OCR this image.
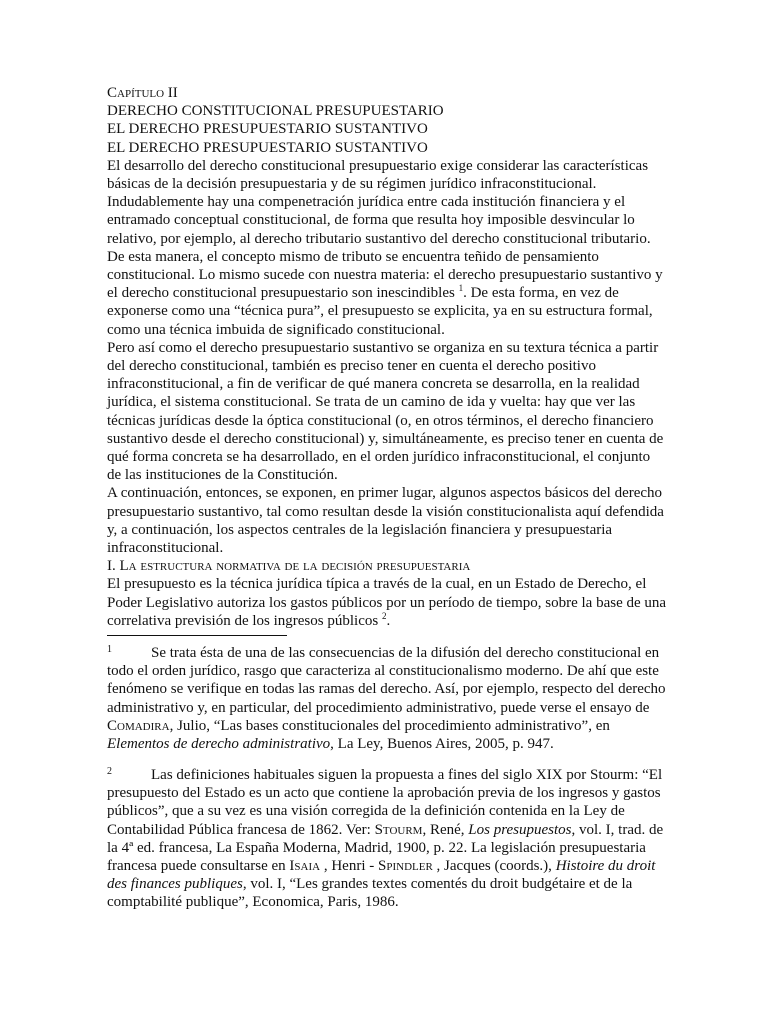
Capítulo II
DERECHO CONSTITUCIONAL PRESUPUESTARIO
EL DERECHO PRESUPUESTARIO SUSTANTIVO
EL DERECHO PRESUPUESTARIO SUSTANTIVO

El desarrollo del derecho constitucional presupuestario exige considerar las características básicas de la decisión presupuestaria y de su régimen jurídico infraconstitucional. Indudablemente hay una compenetración jurídica entre cada institución financiera y el entramado conceptual constitucional, de forma que resulta hoy imposible desvincular lo relativo, por ejemplo, al derecho tributario sustantivo del derecho constitucional tributario. De esta manera, el concepto mismo de tributo se encuentra teñido de pensamiento constitucional. Lo mismo sucede con nuestra materia: el derecho presupuestario sustantivo y el derecho constitucional presupuestario son inescindibles $^1$. De esta forma, en vez de exponerse como una “técnica pura”, el presupuesto se explicita, ya en su estructura formal, como una técnica imbuida de significado constitucional.

Pero así como el derecho presupuestario sustantivo se organiza en su textura técnica a partir del derecho constitucional, también es preciso tener en cuenta el derecho positivo infraconstitucional, a fin de verificar de qué manera concreta se desarrolla, en la realidad jurídica, el sistema constitucional. Se trata de un camino de ida y vuelta: hay que ver las técnicas jurídicas desde la óptica constitucional (o, en otros términos, el derecho financiero sustantivo desde el derecho constitucional) y, simultáneamente, es preciso tener en cuenta de qué forma concreta se ha desarrollado, en el orden jurídico infraconstitucional, el conjunto de las instituciones de la Constitución.

A continuación, entonces, se exponen, en primer lugar, algunos aspectos básicos del derecho presupuestario sustantivo, tal como resultan desde la visión constitucionalista aquí defendida y, a continuación, los aspectos centrales de la legislación financiera y presupuestaria infraconstitucional.

I. La estructura normativa de la decisión presupuestaria

El presupuesto es la técnica jurídica típica a través de la cual, en un Estado de Derecho, el Poder Legislativo autoriza los gastos públicos por un período de tiempo, sobre la base de una correlativa previsión de los ingresos públicos $^2$.

1	Se trata ésta de una de las consecuencias de la difusión del derecho constitucional en todo el orden jurídico, rasgo que caracteriza al constitucionalismo moderno. De ahí que este fenómeno se verifique en todas las ramas del derecho. Así, por ejemplo, respecto del derecho administrativo y, en particular, del procedimiento administrativo, puede verse el ensayo de Comadira, Julio, “Las bases constitucionales del procedimiento administrativo”, en Elementos de derecho administrativo, La Ley, Buenos Aires, 2005, p. 947.

2	Las definiciones habituales siguen la propuesta a fines del siglo XIX por Stourm: “El presupuesto del Estado es un acto que contiene la aprobación previa de los ingresos y gastos públicos”, que a su vez es una visión corregida de la definición contenida en la Ley de Contabilidad Pública francesa de 1862. Ver: Stourm, René, Los presupuestos, vol. I, trad. de la 4ª ed. francesa, La España Moderna, Madrid, 1900, p. 22. La legislación presupuestaria francesa puede consultarse en Isaia , Henri - Spindler , Jacques (coords.), Histoire du droit des finances publiques, vol. I, “Les grandes textes comentés du droit budgétaire et de la comptabilité publique”, Economica, Paris, 1986.
